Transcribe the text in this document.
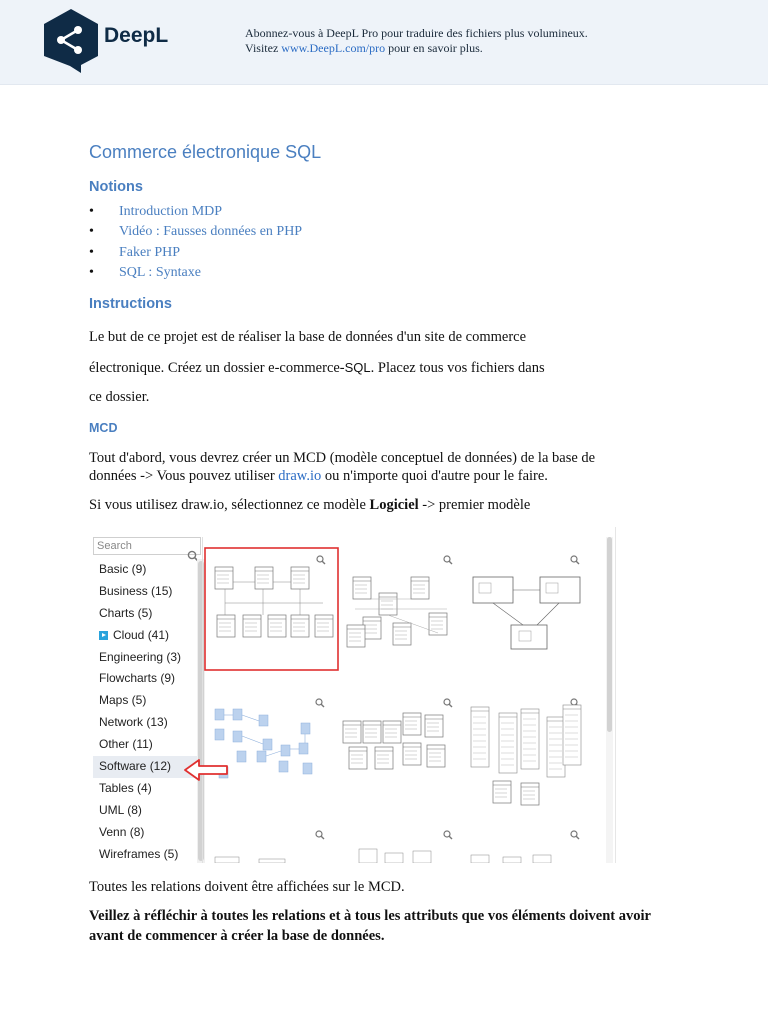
DeepL	Abonnez-vous à DeepL Pro pour traduire des fichiers plus volumineux.
Visitez www.DeepL.com/pro pour en savoir plus.
Commerce électronique SQL
Notions
• Introduction MDP
• Vidéo : Fausses données en PHP
• Faker PHP
• SQL : Syntaxe
Instructions
Le but de ce projet est de réaliser la base de données d'un site de commerce
électronique. Créez un dossier e-commerce-SQL. Placez tous vos fichiers dans
ce dossier.
MCD
Tout d'abord, vous devrez créer un MCD (modèle conceptuel de données) de la base de
données -> Vous pouvez utiliser draw.io ou n'importe quoi d'autre pour le faire.
Si vous utilisez draw.io, sélectionnez ce modèle Logiciel -> premier modèle
Toutes les relations doivent être affichées sur le MCD.
Veillez à réfléchir à toutes les relations et à tous les attributs que vos éléments doivent avoir avant de commencer à créer la base de données.
Search
Basic (9)
Business (15)
Charts (5)
Cloud (41)
Engineering (3)
Flowcharts (9)
Maps (5)
Network (13)
Other (11)
Software (12)
Tables (4)
UML (8)
Venn (8)
Wireframes (5)
